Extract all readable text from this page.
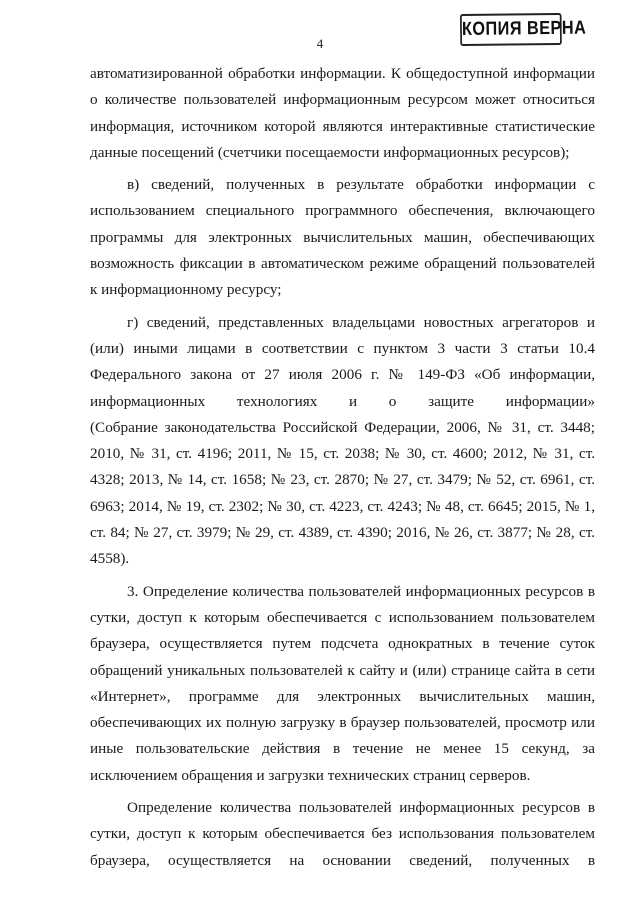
4
КОПИЯ ВЕРНА

автоматизированной обработки информации. К общедоступной информации

о количестве пользователей информационным ресурсом может относиться

информация, источником которой являются интерактивные статистические

данные посещений (счетчики посещаемости информационных ресурсов);

в) сведений, полученных в результате обработки информации с

использованием специального программного обеспечения, включающего

программы для электронных вычислительных машин, обеспечивающих

возможность фиксации в автоматическом режиме обращений пользователей

к информационному ресурсу;

г) сведений, представленных владельцами новостных агрегаторов и

(или) иными лицами в соответствии с пунктом 3 части 3 статьи 10.4

Федерального закона от 27 июля 2006 г. № 149-ФЗ «Об информации,

информационных технологиях и о защите информации»

(Собрание законодательства Российской Федерации, 2006, № 31, ст. 3448;

2010, № 31, ст. 4196; 2011, № 15, ст. 2038; № 30, ст. 4600; 2012, № 31, ст.

4328; 2013, № 14, ст. 1658; № 23, ст. 2870; № 27, ст. 3479; № 52, ст. 6961, ст.

6963; 2014, № 19, ст. 2302; № 30, ст. 4223, ст. 4243; № 48, ст. 6645; 2015, № 1,

ст. 84; № 27, ст. 3979; № 29, ст. 4389, ст. 4390; 2016, № 26, ст. 3877; № 28, ст.

4558).

3. Определение количества пользователей информационных ресурсов в

сутки, доступ к которым обеспечивается с использованием пользователем

браузера, осуществляется путем подсчета однократных в течение суток

обращений уникальных пользователей к сайту и (или) странице сайта в сети

«Интернет», программе для электронных вычислительных машин,

обеспечивающих их полную загрузку в браузер пользователей, просмотр или

иные пользовательские действия в течение не менее 15 секунд, за

исключением обращения и загрузки технических страниц серверов.

Определение количества пользователей информационных ресурсов в

сутки, доступ к которым обеспечивается без использования пользователем

браузера, осуществляется на основании сведений, полученных в
